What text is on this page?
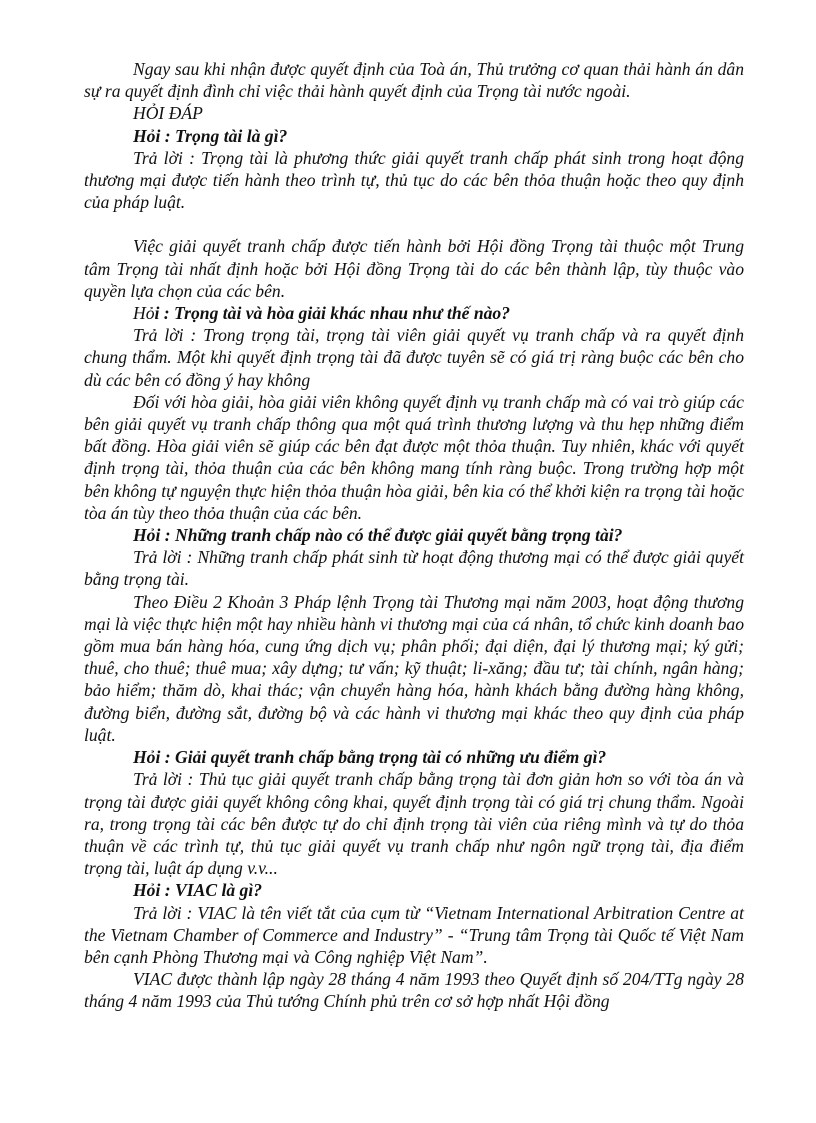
Ngay sau khi nhận được quyết định của Toà án, Thủ trưởng cơ quan thải hành án dân sự ra quyết định đình chỉ việc thải hành quyết định của Trọng tài nước ngoài.

HỎI ĐÁP

Hỏi : Trọng tài là gì?

Trả lời : Trọng tài là phương thức giải quyết tranh chấp phát sinh trong hoạt động thương mại được tiến hành theo trình tự, thủ tục do các bên thỏa thuận hoặc theo quy định của pháp luật.

Việc giải quyết tranh chấp được tiến hành bởi Hội đồng Trọng tài thuộc một Trung tâm Trọng tài nhất định hoặc bởi Hội đồng Trọng tài do các bên thành lập, tùy thuộc vào quyền lựa chọn của các bên.

Hỏi : Trọng tài và hòa giải khác nhau như thế nào?

Trả lời : Trong trọng tài, trọng tài viên giải quyết vụ tranh chấp và ra quyết định chung thẩm. Một khi quyết định trọng tài đã được tuyên sẽ có giá trị ràng buộc các bên cho dù các bên có đồng ý hay không

Đối với hòa giải, hòa giải viên không quyết định vụ tranh chấp mà có vai trò giúp các bên giải quyết vụ tranh chấp thông qua một quá trình thương lượng và thu hẹp những điểm bất đồng. Hòa giải viên sẽ giúp các bên đạt được một thỏa thuận. Tuy nhiên, khác với quyết định trọng tài, thỏa thuận của các bên không mang tính ràng buộc. Trong trường hợp một bên không tự nguyện thực hiện thỏa thuận hòa giải, bên kia có thể khởi kiện ra trọng tài hoặc tòa án tùy theo thỏa thuận của các bên.

Hỏi : Những tranh chấp nào có thể được giải quyết bằng trọng tài?

Trả lời : Những tranh chấp phát sinh từ hoạt động thương mại có thể được giải quyết bằng trọng tài.

Theo Điều 2 Khoản 3 Pháp lệnh Trọng tài Thương mại năm 2003, hoạt động thương mại là việc thực hiện một hay nhiều hành vi thương mại của cá nhân, tổ chức kinh doanh bao gồm mua bán hàng hóa, cung ứng dịch vụ; phân phối; đại diện, đại lý thương mại; ký gửi; thuê, cho thuê; thuê mua; xây dựng; tư vấn; kỹ thuật; li-xăng; đầu tư; tài chính, ngân hàng; bảo hiểm; thăm dò, khai thác; vận chuyển hàng hóa, hành khách bằng đường hàng không, đường biển, đường sắt, đường bộ và các hành vi thương mại khác theo quy định của pháp luật.

Hỏi : Giải quyết tranh chấp bằng trọng tài có những ưu điểm gì?

Trả lời : Thủ tục giải quyết tranh chấp bằng trọng tài đơn giản hơn so với tòa án và trọng tài được giải quyết không công khai, quyết định trọng tài có giá trị chung thẩm. Ngoài ra, trong trọng tài các bên được tự do chỉ định trọng tài viên của riêng mình và tự do thỏa thuận về các trình tự, thủ tục giải quyết vụ tranh chấp như ngôn ngữ trọng tài, địa điểm trọng tài, luật áp dụng v.v...

Hỏi : VIAC là gì?

Trả lời : VIAC là tên viết tắt của cụm từ “Vietnam International Arbitration Centre at the Vietnam Chamber of Commerce and Industry” - “Trung tâm Trọng tài Quốc tế Việt Nam bên cạnh Phòng Thương mại và Công nghiệp Việt Nam”.

VIAC được thành lập ngày 28 tháng 4 năm 1993 theo Quyết định số 204/TTg ngày 28 tháng 4 năm 1993 của Thủ tướng Chính phủ trên cơ sở hợp nhất Hội đồng
